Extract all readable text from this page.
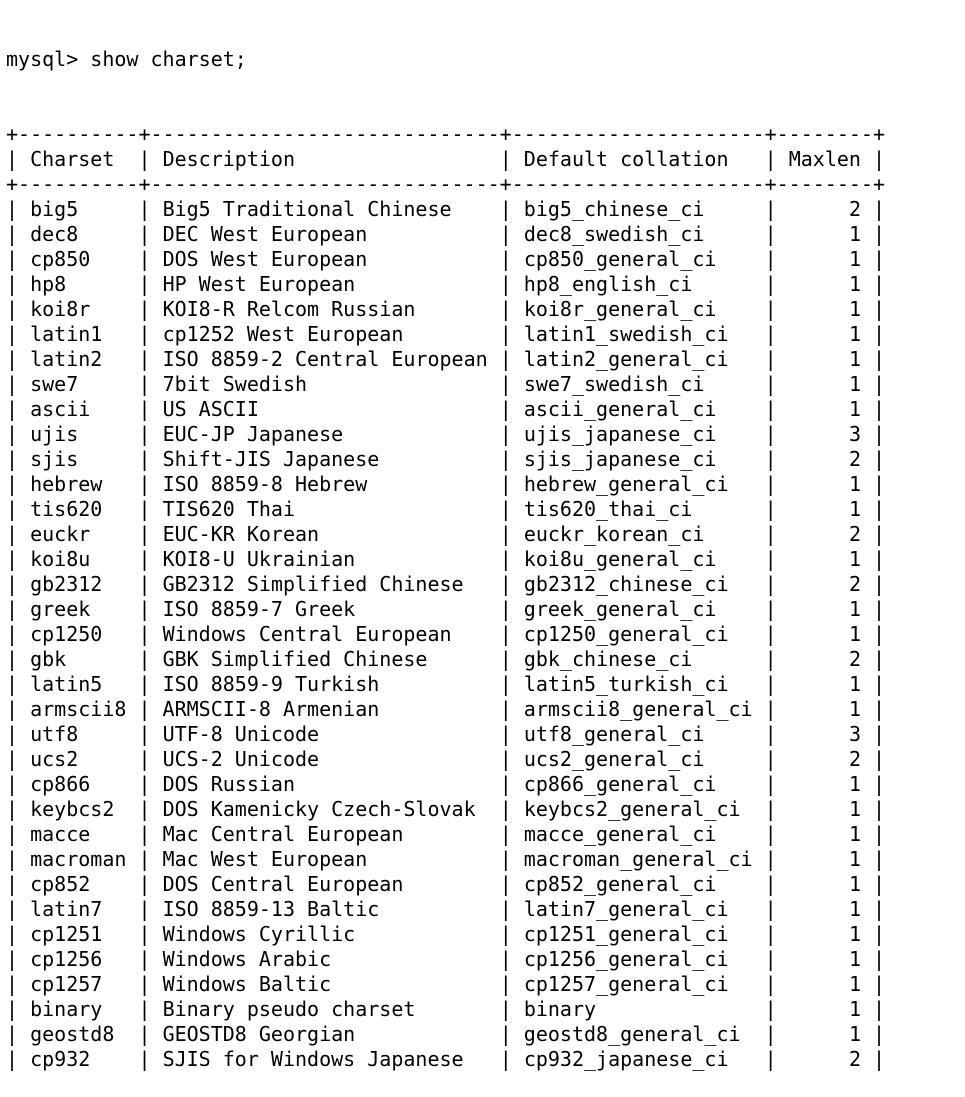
mysql> show charset;

+----------+-----------------------------+---------------------+--------+
| Charset  | Description	| Default collation   | Maxlen |
+----------+-----------------------------+---------------------+--------+
| big5     | Big5 Traditional Chinese    | big5_chinese_ci     |	2 |
| dec8     | DEC West European	| dec8_swedish_ci     |	1 |
| cp850    | DOS West European	| cp850_general_ci    |	1 |
| hp8	| HP West European	| hp8_english_ci	|	1 |
| koi8r    | KOI8-R Relcom Russian	| koi8r_general_ci    |	1 |
| latin1   | cp1252 West European	| latin1_swedish_ci   |	1 |
| latin2   | ISO 8859-2 Central European | latin2_general_ci   |	1 |
| swe7     | 7bit Swedish	| swe7_swedish_ci     |	1 |
| ascii    | US ASCII	| ascii_general_ci    |	1 |
| ujis     | EUC-JP Japanese	| ujis_japanese_ci    |	3 |
| sjis     | Shift-JIS Japanese	| sjis_japanese_ci    |	2 |
| hebrew   | ISO 8859-8 Hebrew	| hebrew_general_ci   |	1 |
| tis620   | TIS620 Thai	| tis620_thai_ci	|	1 |
| euckr    | EUC-KR Korean	| euckr_korean_ci     |	2 |
| koi8u    | KOI8-U Ukrainian	| koi8u_general_ci    |	1 |
| gb2312   | GB2312 Simplified Chinese   | gb2312_chinese_ci   |	2 |
| greek    | ISO 8859-7 Greek	| greek_general_ci    |	1 |
| cp1250   | Windows Central European    | cp1250_general_ci   |	1 |
| gbk	| GBK Simplified Chinese	| gbk_chinese_ci	|	2 |
| latin5   | ISO 8859-9 Turkish	| latin5_turkish_ci   |	1 |
| armscii8 | ARMSCII-8 Armenian	| armscii8_general_ci |	1 |
| utf8     | UTF-8 Unicode	| utf8_general_ci     |	3 |
| ucs2     | UCS-2 Unicode	| ucs2_general_ci     |	2 |
| cp866    | DOS Russian	| cp866_general_ci    |	1 |
| keybcs2  | DOS Kamenicky Czech-Slovak  | keybcs2_general_ci  |	1 |
| macce    | Mac Central European	| macce_general_ci    |	1 |
| macroman | Mac West European	| macroman_general_ci |	1 |
| cp852    | DOS Central European	| cp852_general_ci    |	1 |
| latin7   | ISO 8859-13 Baltic	| latin7_general_ci   |	1 |
| cp1251   | Windows Cyrillic	| cp1251_general_ci   |	1 |
| cp1256   | Windows Arabic	| cp1256_general_ci   |	1 |
| cp1257   | Windows Baltic	| cp1257_general_ci   |	1 |
| binary   | Binary pseudo charset	| binary	|	1 |
| geostd8  | GEOSTD8 Georgian	| geostd8_general_ci  |	1 |
| cp932    | SJIS for Windows Japanese   | cp932_japanese_ci   |	2 |
